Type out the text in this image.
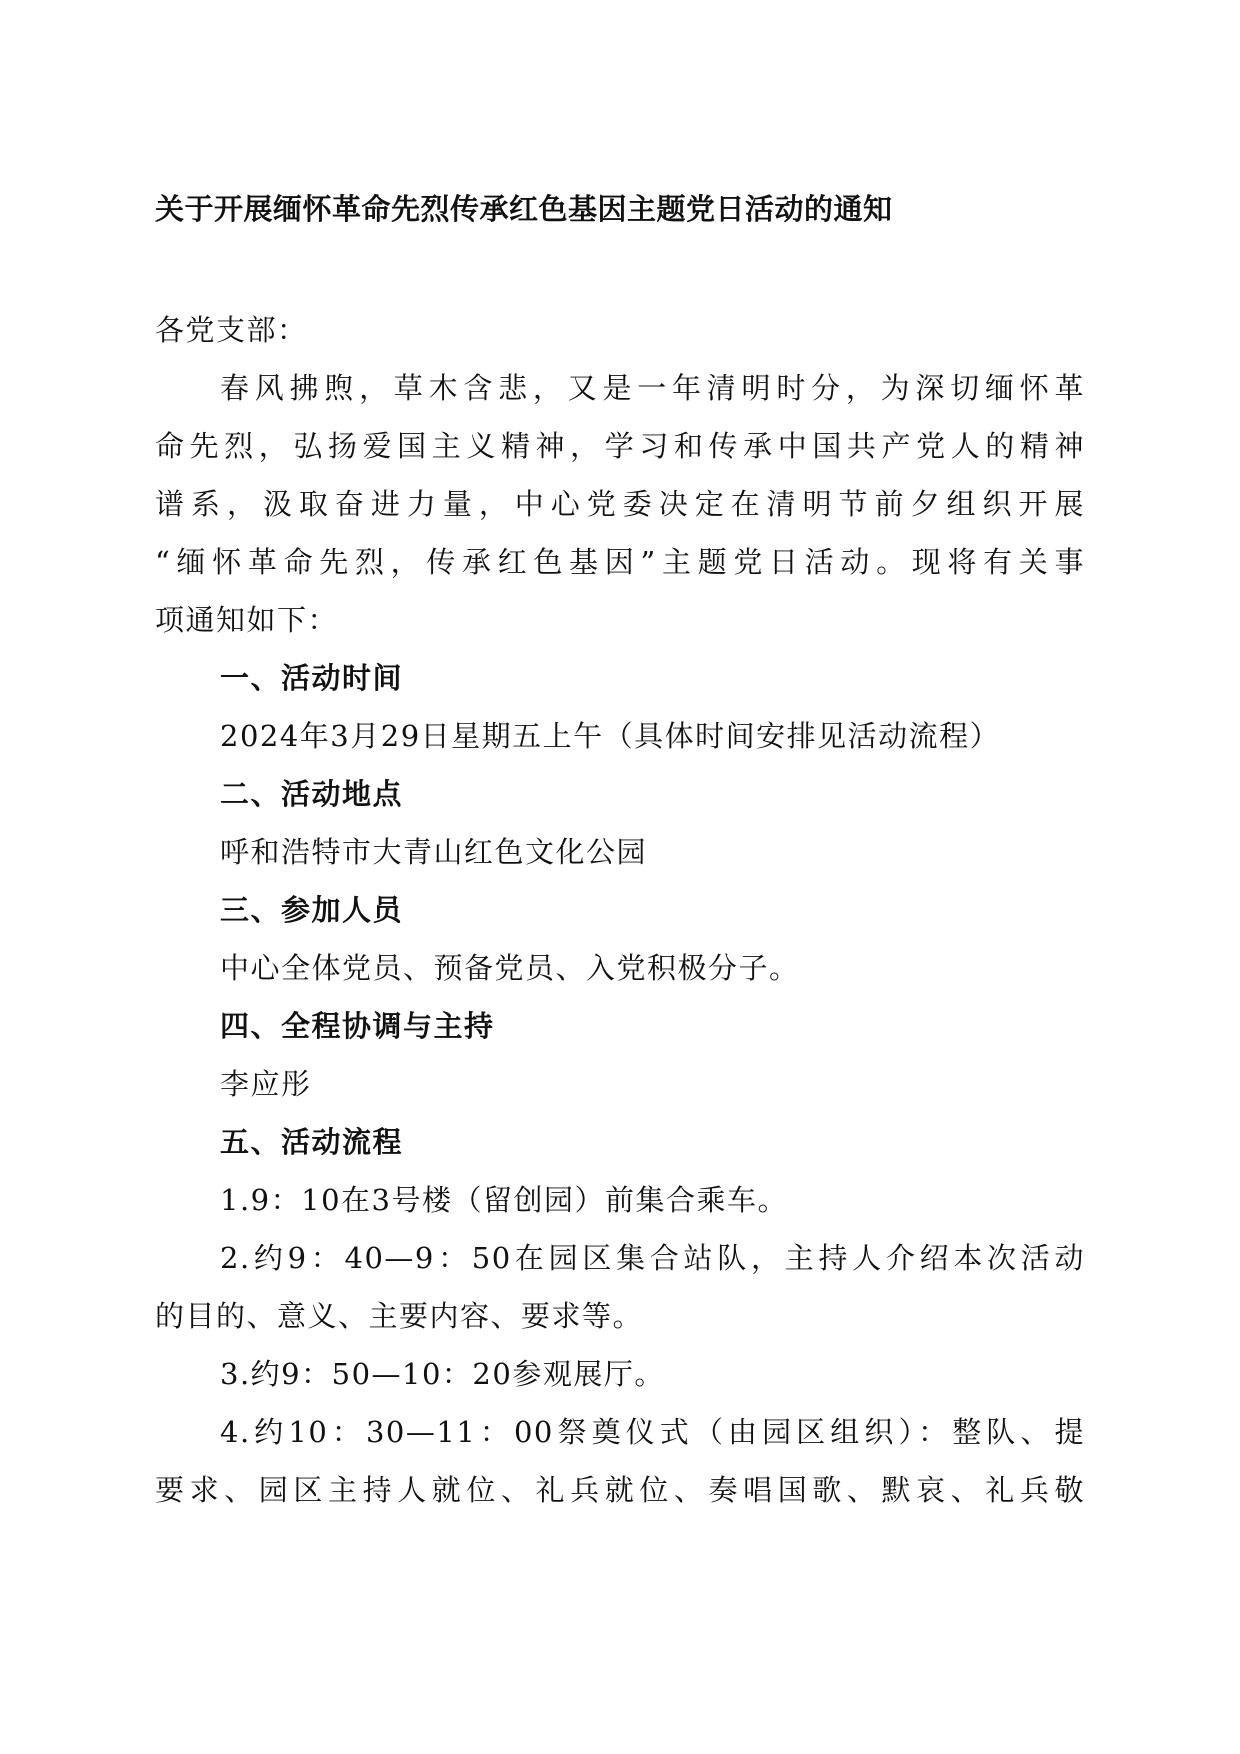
关于开展缅怀革命先烈传承红色基因主题党日活动的通知
各党支部：
春风拂煦，草木含悲，又是一年清明时分，为深切缅怀革
命先烈，弘扬爱国主义精神，学习和传承中国共产党人的精神
谱系，汲取奋进力量，中心党委决定在清明节前夕组织开展
“缅怀革命先烈，传承红色基因”主题党日活动。现将有关事
项通知如下：
一、活动时间
2024年3月29日星期五上午（具体时间安排见活动流程）
二、活动地点
呼和浩特市大青山红色文化公园
三、参加人员
中心全体党员、预备党员、入党积极分子。
四、全程协调与主持
李应彤
五、活动流程
1.9：10在3号楼（留创园）前集合乘车。
2.约9：40—9：50在园区集合站队，主持人介绍本次活动
的目的、意义、主要内容、要求等。
3.约9：50—10：20参观展厅。
4.约10：30—11：00祭奠仪式（由园区组织）：整队、提
要求、园区主持人就位、礼兵就位、奏唱国歌、默哀、礼兵敬
